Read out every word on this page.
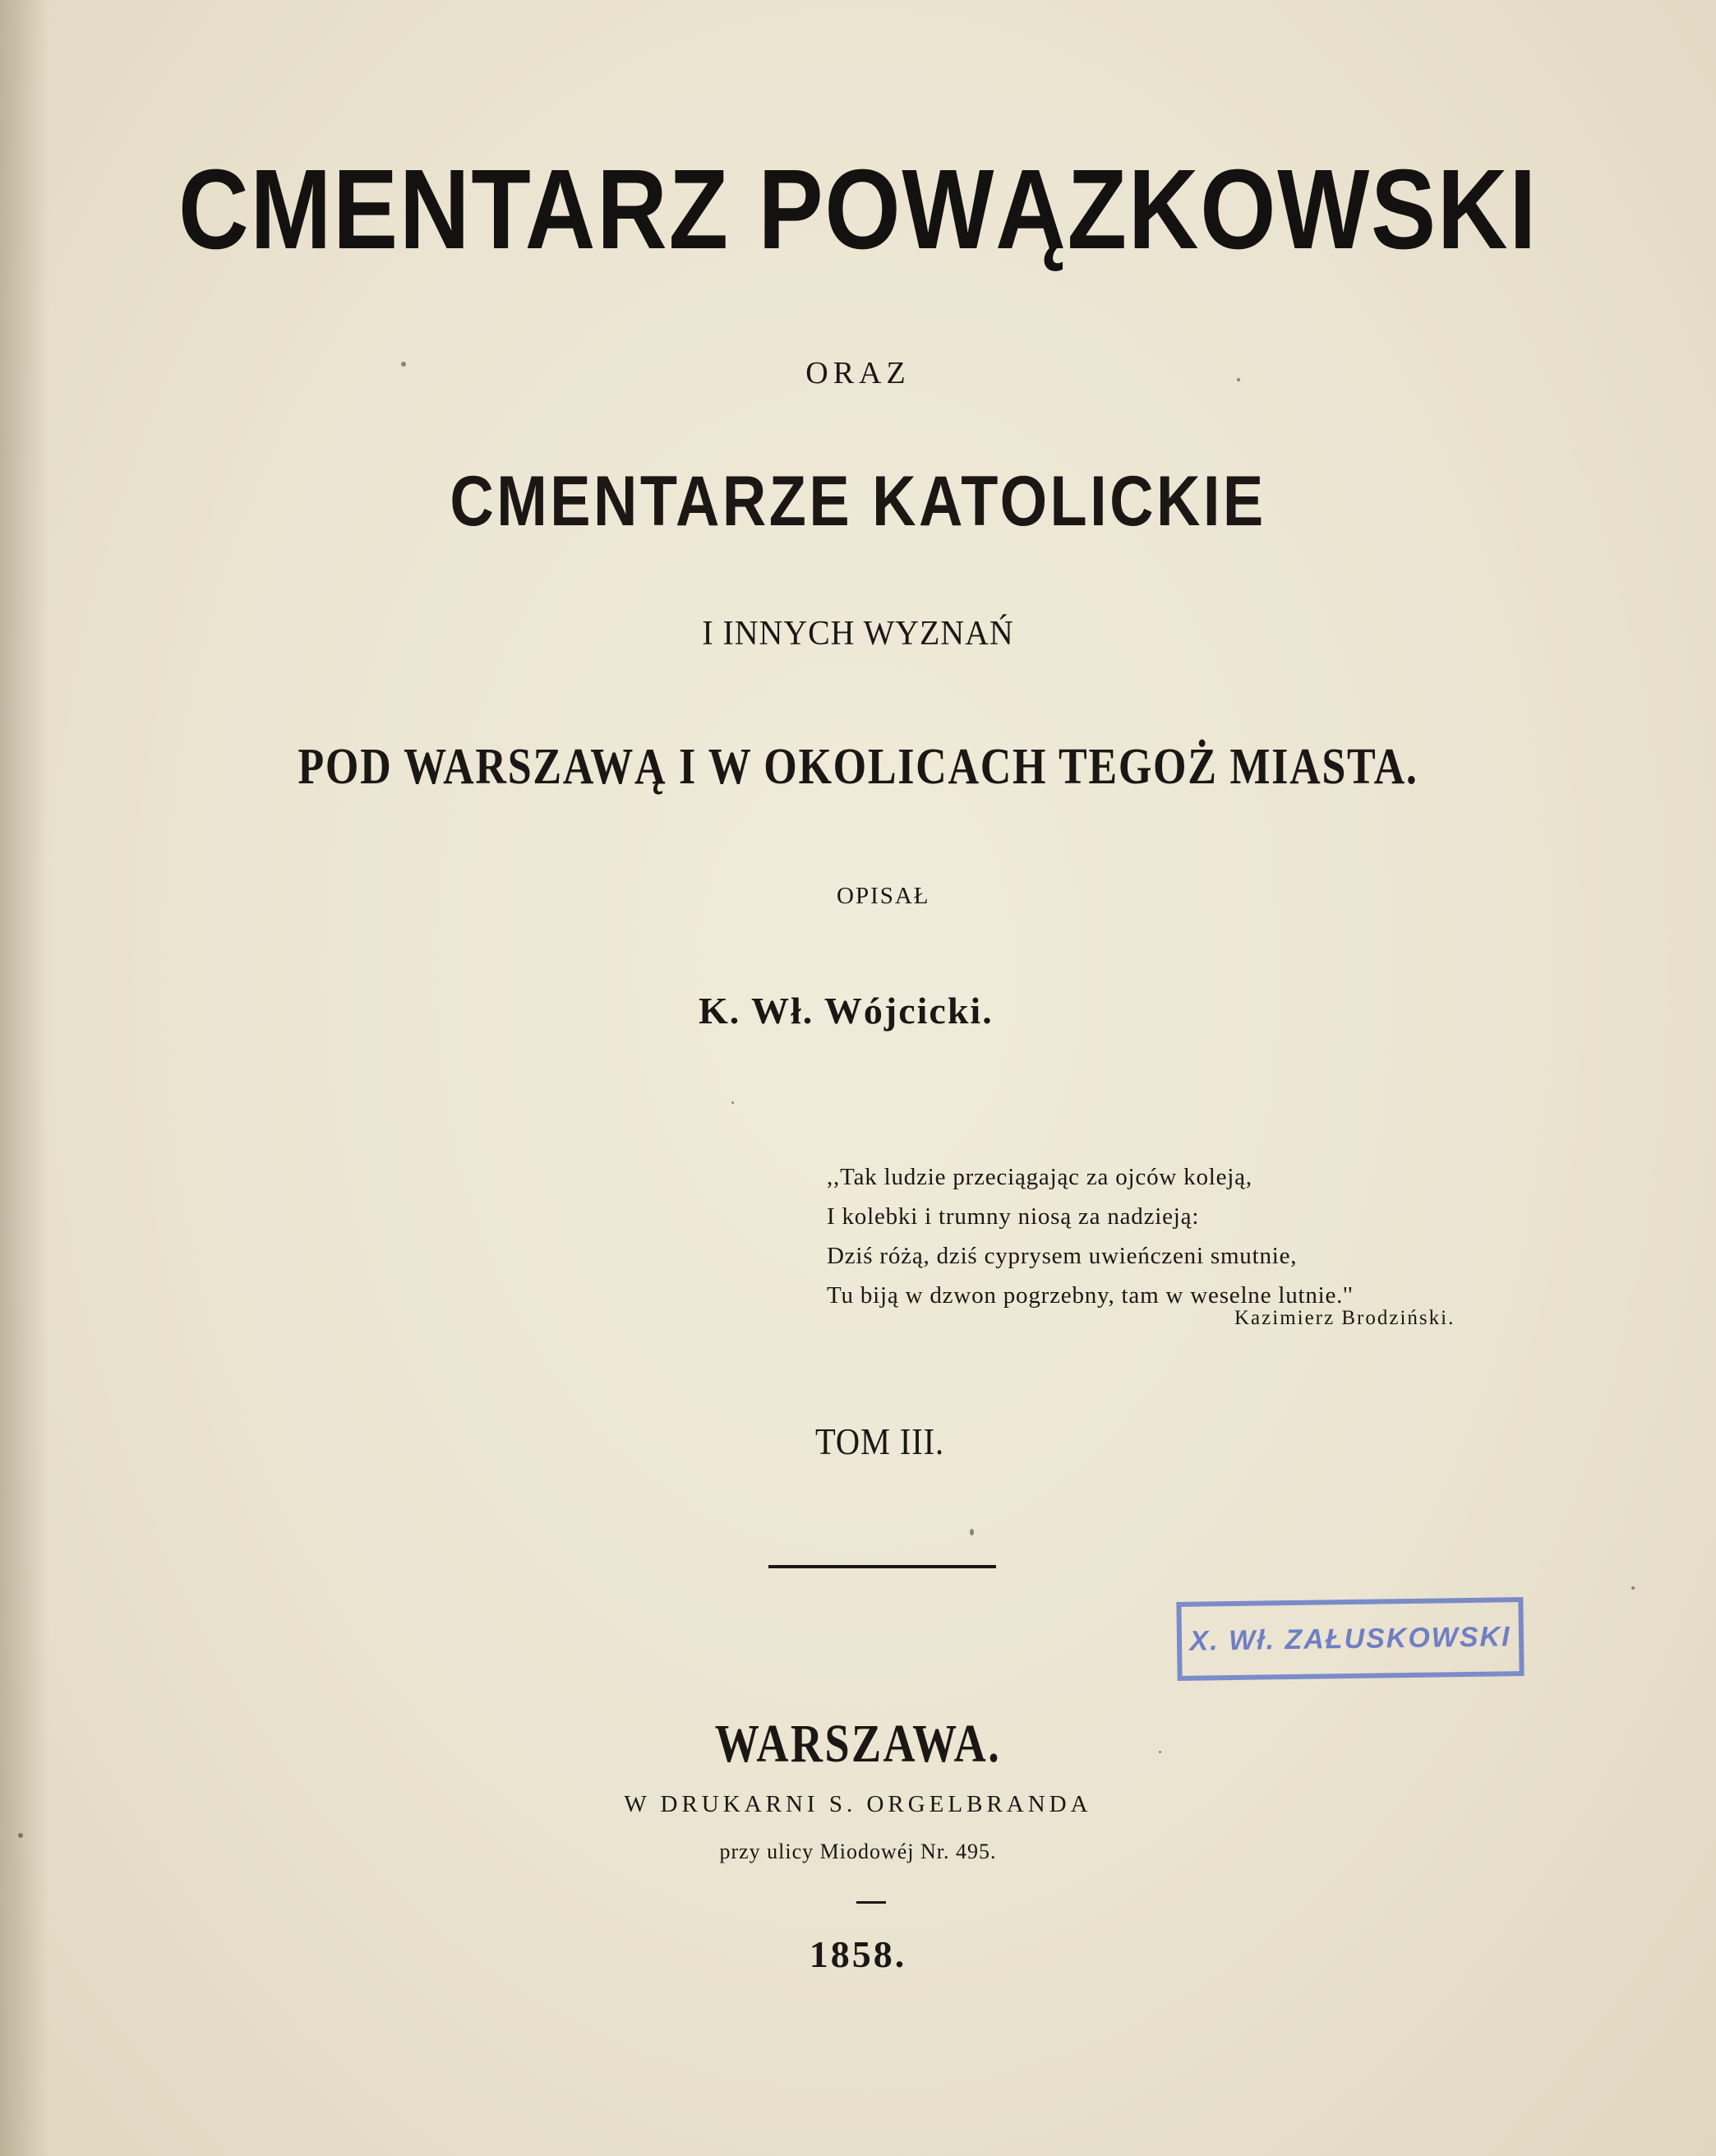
CMENTARZ POWĄZKOWSKI

ORAZ

CMENTARZE KATOLICKIE

I INNYCH WYZNAŃ

POD WARSZAWĄ I W OKOLICACH TEGOŻ MIASTA.

OPISAŁ

K. Wł. Wójcicki.

,,Tak ludzie przeciągając za ojców koleją,
I kolebki i trumny niosą za nadzieją:
Dziś różą, dziś cyprysem uwieńczeni smutnie,
Tu biją w dzwon pogrzebny, tam w weselne lutnie.''
Kazimierz Brodziński.

TOM III.

X. Wł. ZAŁUSKOWSKI

WARSZAWA.

W DRUKARNI S. ORGELBRANDA

przy ulicy Miodowéj Nr. 495.

1858.
